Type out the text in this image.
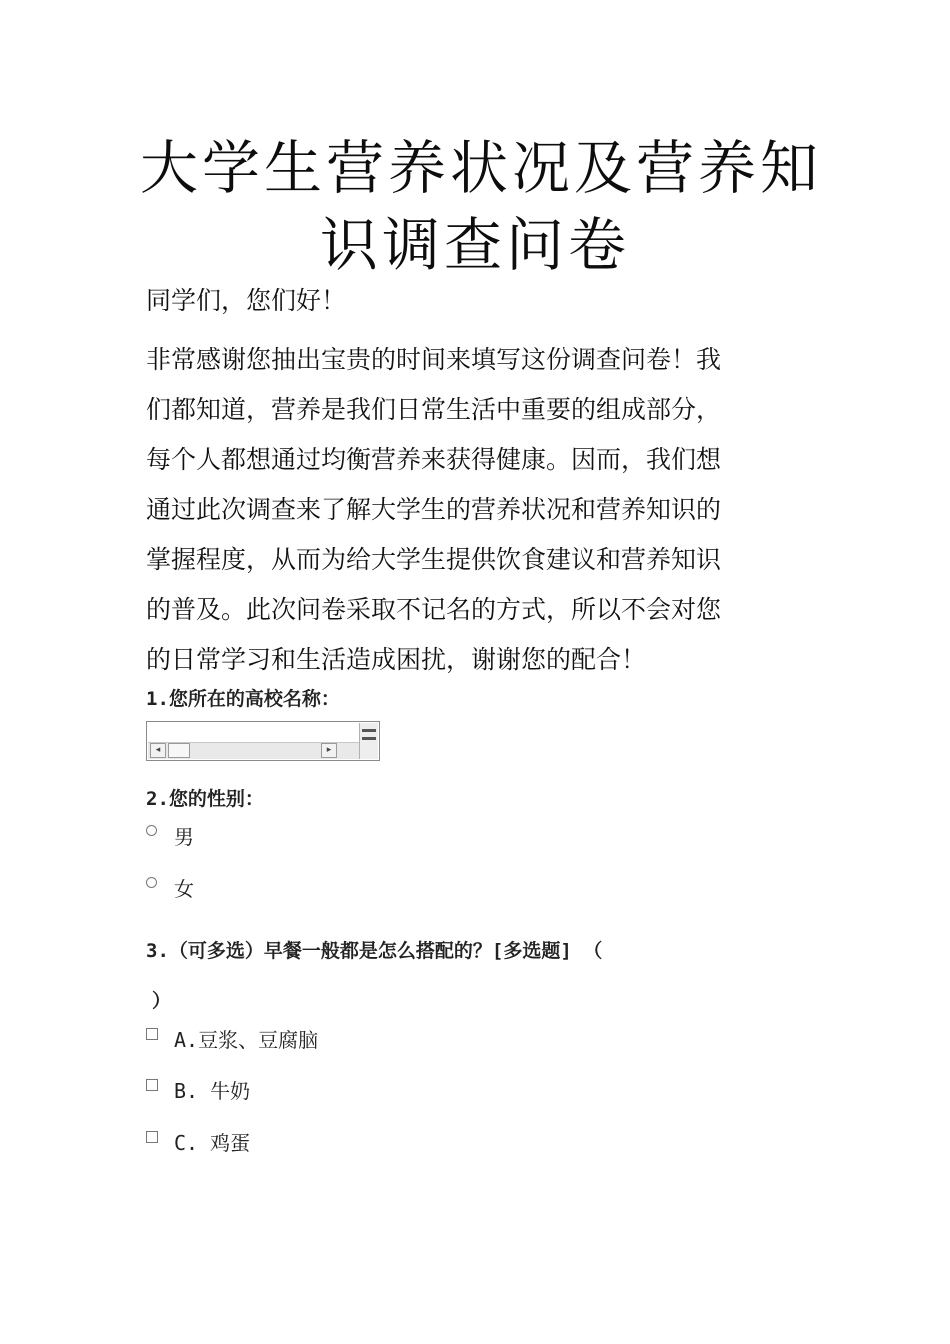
大学生营养状况及营养知
识调查问卷
同学们，您们好！
非常感谢您抽出宝贵的时间来填写这份调查问卷！我
们都知道，营养是我们日常生活中重要的组成部分，
每个人都想通过均衡营养来获得健康。因而，我们想
通过此次调查来了解大学生的营养状况和营养知识的
掌握程度，从而为给大学生提供饮食建议和营养知识
的普及。此次问卷采取不记名的方式，所以不会对您
的日常学习和生活造成困扰，谢谢您的配合！
1.您所在的高校名称：
◂	▸
2.您的性别：
男
女
3.（可多选）早餐一般都是怎么搭配的？[多选题] （
）
A.豆浆、豆腐脑
B. 牛奶
C. 鸡蛋
